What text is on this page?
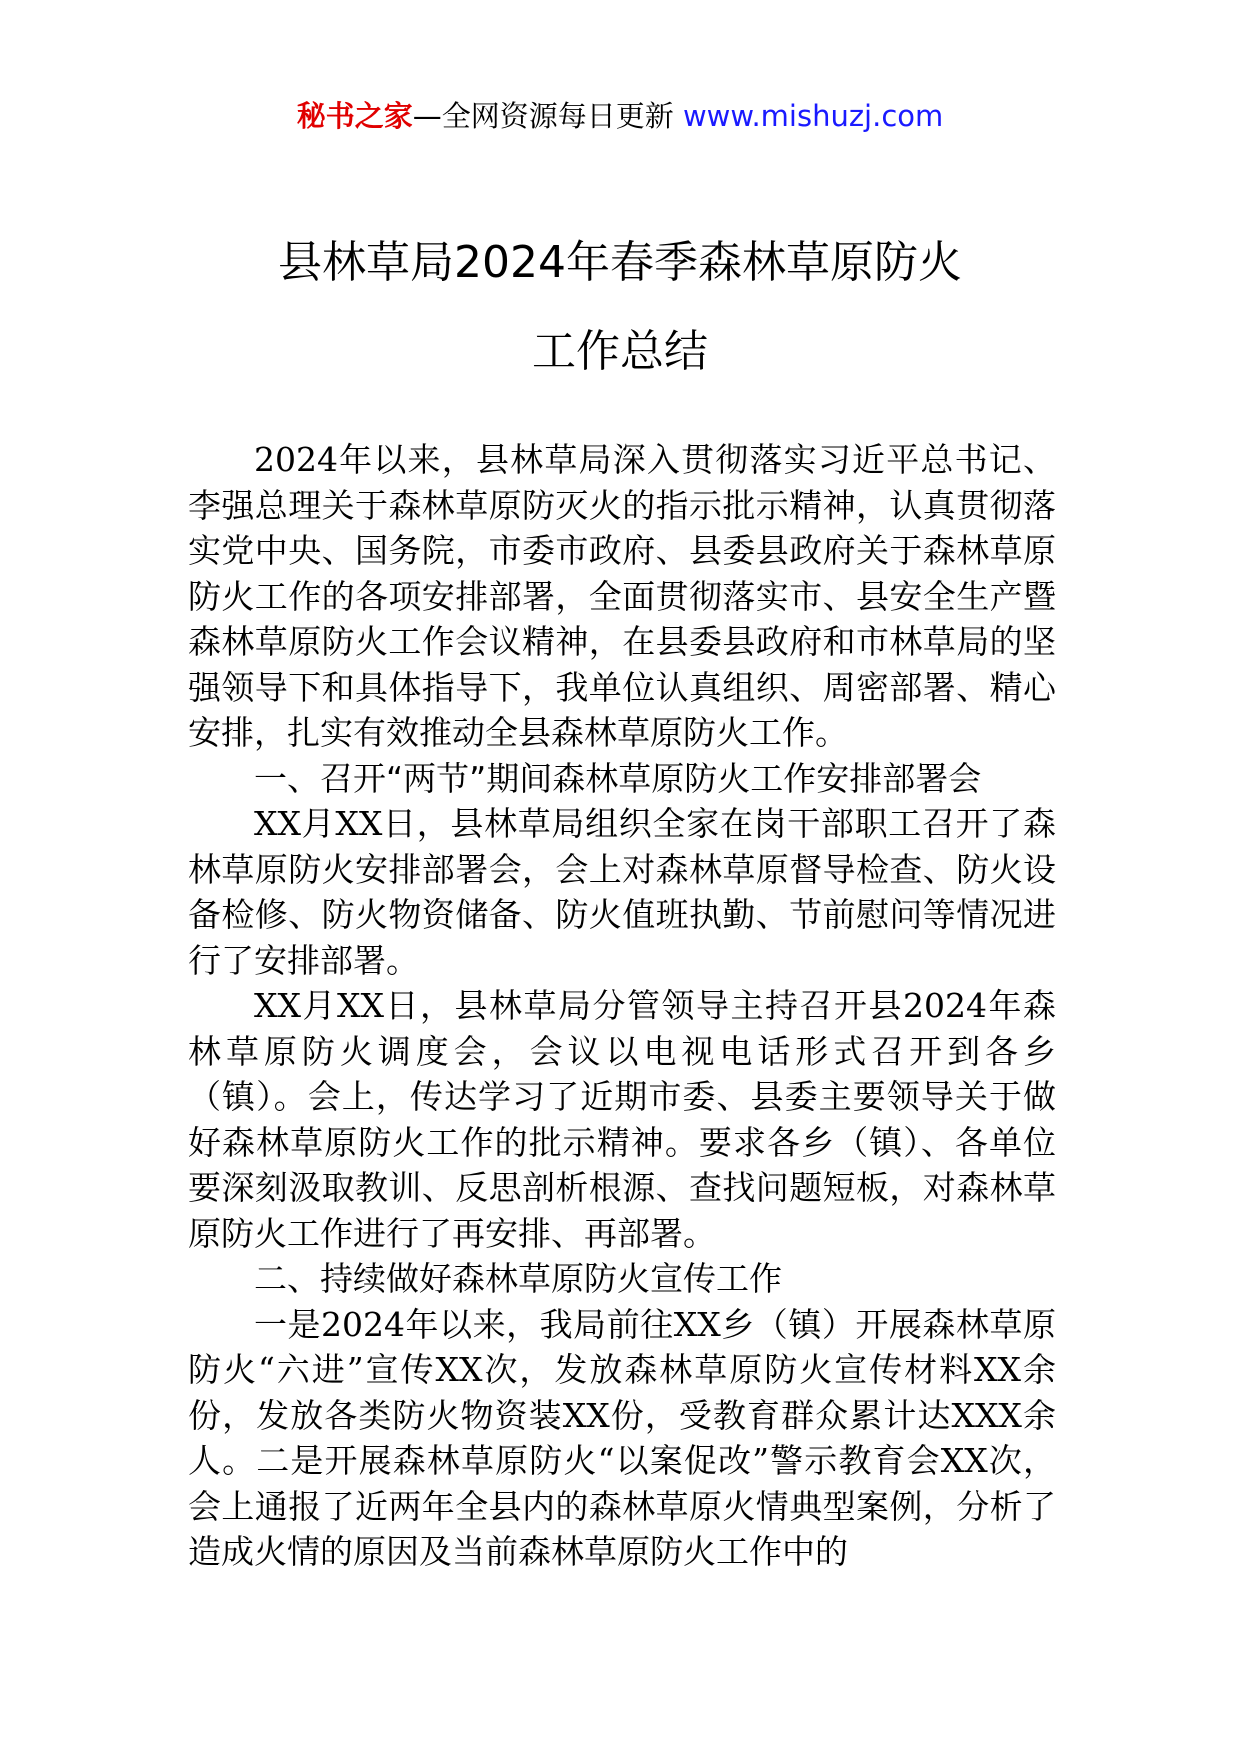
秘书之家—全网资源每日更新 www.mishuzj.com
县林草局2024年春季森林草原防火
工作总结

2024年以来，县林草局深入贯彻落实习近平总书记、李强总理关于森林草原防灭火的指示批示精神，认真贯彻落实党中央、国务院，市委市政府、县委县政府关于森林草原防火工作的各项安排部署，全面贯彻落实市、县安全生产暨森林草原防火工作会议精神，在县委县政府和市林草局的坚强领导下和具体指导下，我单位认真组织、周密部署、精心安排，扎实有效推动全县森林草原防火工作。

一、召开“两节”期间森林草原防火工作安排部署会

XX月XX日，县林草局组织全家在岗干部职工召开了森林草原防火安排部署会，会上对森林草原督导检查、防火设备检修、防火物资储备、防火值班执勤、节前慰问等情况进行了安排部署。

XX月XX日，县林草局分管领导主持召开县2024年森林草原防火调度会，会议以电视电话形式召开到各乡（镇）。会上，传达学习了近期市委、县委主要领导关于做好森林草原防火工作的批示精神。要求各乡（镇）、各单位要深刻汲取教训、反思剖析根源、查找问题短板，对森林草原防火工作进行了再安排、再部署。

二、持续做好森林草原防火宣传工作

一是2024年以来，我局前往XX乡（镇）开展森林草原防火“六进”宣传XX次，发放森林草原防火宣传材料XX余份，发放各类防火物资装XX份，受教育群众累计达XXX余人。二是开展森林草原防火“以案促改”警示教育会XX次，会上通报了近两年全县内的森林草原火情典型案例，分析了造成火情的原因及当前森林草原防火工作中的
